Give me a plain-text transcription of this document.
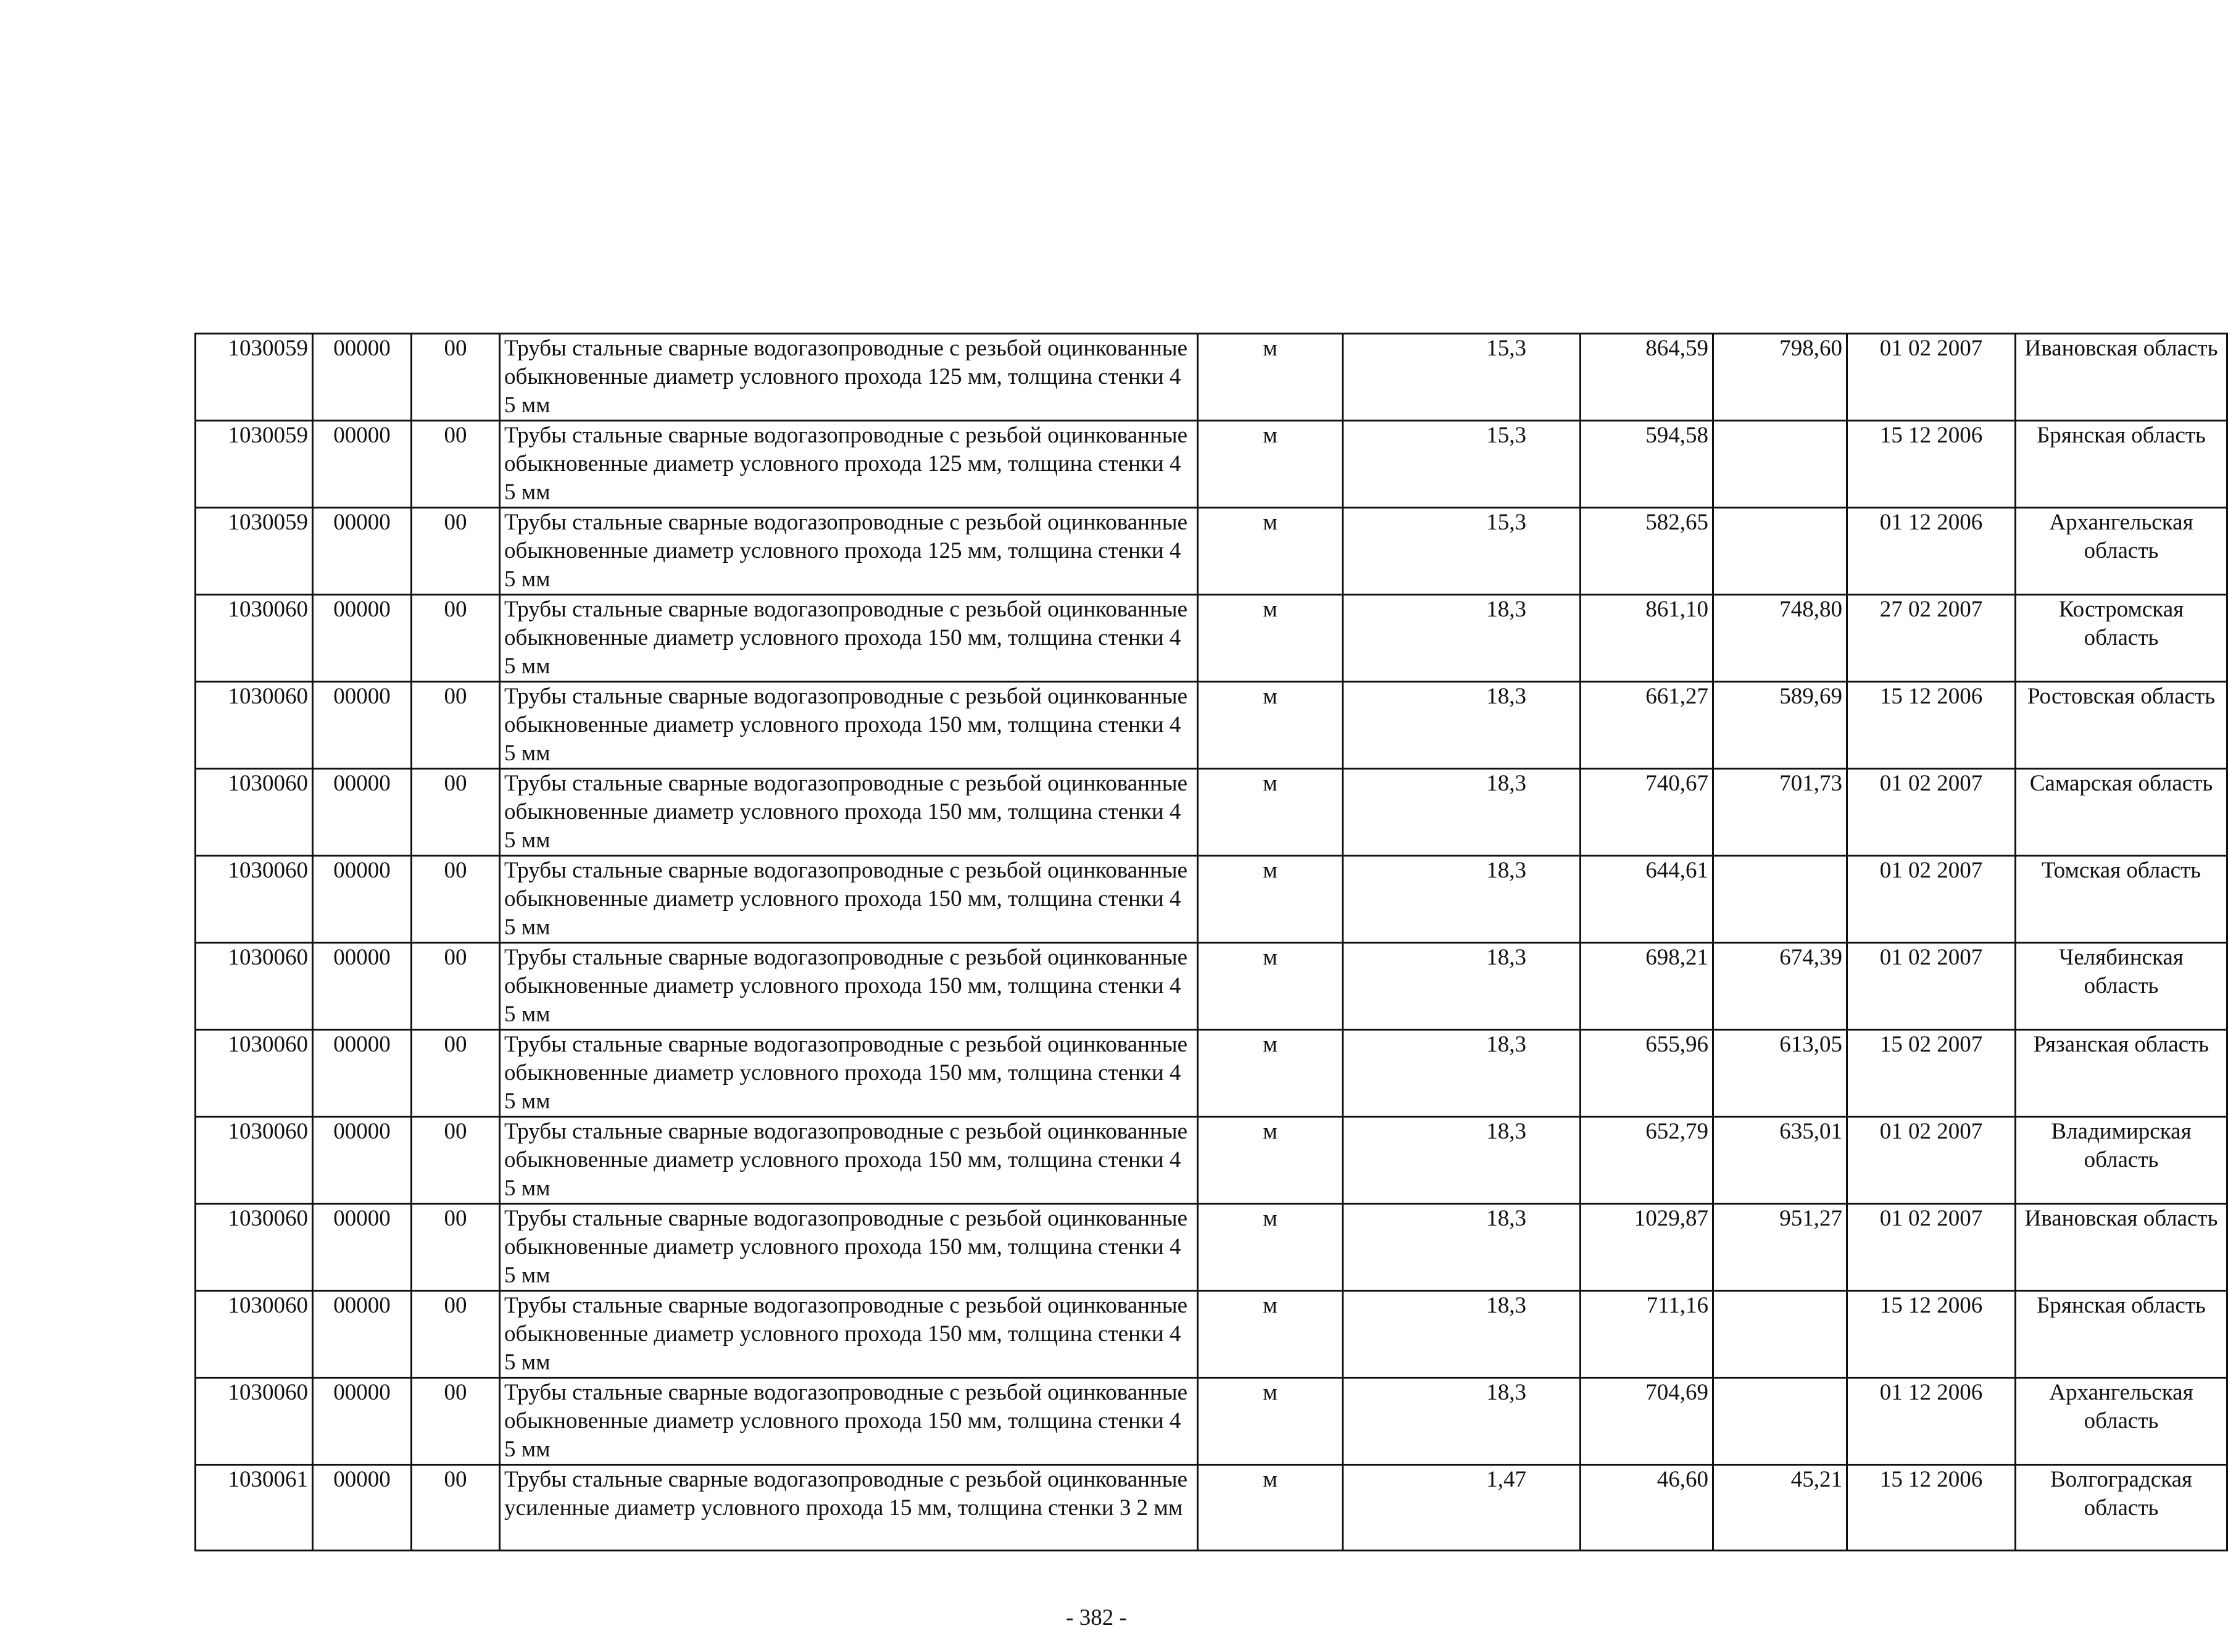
1030059	00000	00	Трубы стальные сварные водогазопроводные с резьбой оцинкованные обыкновенные диаметр условного прохода 125 мм, толщина стенки 4 5 мм	м	15,3	864,59	798,60	01 02 2007	Ивановская область
1030059	00000	00	Трубы стальные сварные водогазопроводные с резьбой оцинкованные обыкновенные диаметр условного прохода 125 мм, толщина стенки 4 5 мм	м	15,3	594,58		15 12 2006	Брянская область
1030059	00000	00	Трубы стальные сварные водогазопроводные с резьбой оцинкованные обыкновенные диаметр условного прохода 125 мм, толщина стенки 4 5 мм	м	15,3	582,65		01 12 2006	Архангельская область
1030060	00000	00	Трубы стальные сварные водогазопроводные с резьбой оцинкованные обыкновенные диаметр условного прохода 150 мм, толщина стенки 4 5 мм	м	18,3	861,10	748,80	27 02 2007	Костромская область
1030060	00000	00	Трубы стальные сварные водогазопроводные с резьбой оцинкованные обыкновенные диаметр условного прохода 150 мм, толщина стенки 4 5 мм	м	18,3	661,27	589,69	15 12 2006	Ростовская область
1030060	00000	00	Трубы стальные сварные водогазопроводные с резьбой оцинкованные обыкновенные диаметр условного прохода 150 мм, толщина стенки 4 5 мм	м	18,3	740,67	701,73	01 02 2007	Самарская область
1030060	00000	00	Трубы стальные сварные водогазопроводные с резьбой оцинкованные обыкновенные диаметр условного прохода 150 мм, толщина стенки 4 5 мм	м	18,3	644,61		01 02 2007	Томская область
1030060	00000	00	Трубы стальные сварные водогазопроводные с резьбой оцинкованные обыкновенные диаметр условного прохода 150 мм, толщина стенки 4 5 мм	м	18,3	698,21	674,39	01 02 2007	Челябинская область
1030060	00000	00	Трубы стальные сварные водогазопроводные с резьбой оцинкованные обыкновенные диаметр условного прохода 150 мм, толщина стенки 4 5 мм	м	18,3	655,96	613,05	15 02 2007	Рязанская область
1030060	00000	00	Трубы стальные сварные водогазопроводные с резьбой оцинкованные обыкновенные диаметр условного прохода 150 мм, толщина стенки 4 5 мм	м	18,3	652,79	635,01	01 02 2007	Владимирская область
1030060	00000	00	Трубы стальные сварные водогазопроводные с резьбой оцинкованные обыкновенные диаметр условного прохода 150 мм, толщина стенки 4 5 мм	м	18,3	1029,87	951,27	01 02 2007	Ивановская область
1030060	00000	00	Трубы стальные сварные водогазопроводные с резьбой оцинкованные обыкновенные диаметр условного прохода 150 мм, толщина стенки 4 5 мм	м	18,3	711,16		15 12 2006	Брянская область
1030060	00000	00	Трубы стальные сварные водогазопроводные с резьбой оцинкованные обыкновенные диаметр условного прохода 150 мм, толщина стенки 4 5 мм	м	18,3	704,69		01 12 2006	Архангельская область
1030061	00000	00	Трубы стальные сварные водогазопроводные с резьбой оцинкованные усиленные диаметр условного прохода 15 мм, толщина стенки 3 2 мм	м	1,47	46,60	45,21	15 12 2006	Волгоградская область
- 382 -
